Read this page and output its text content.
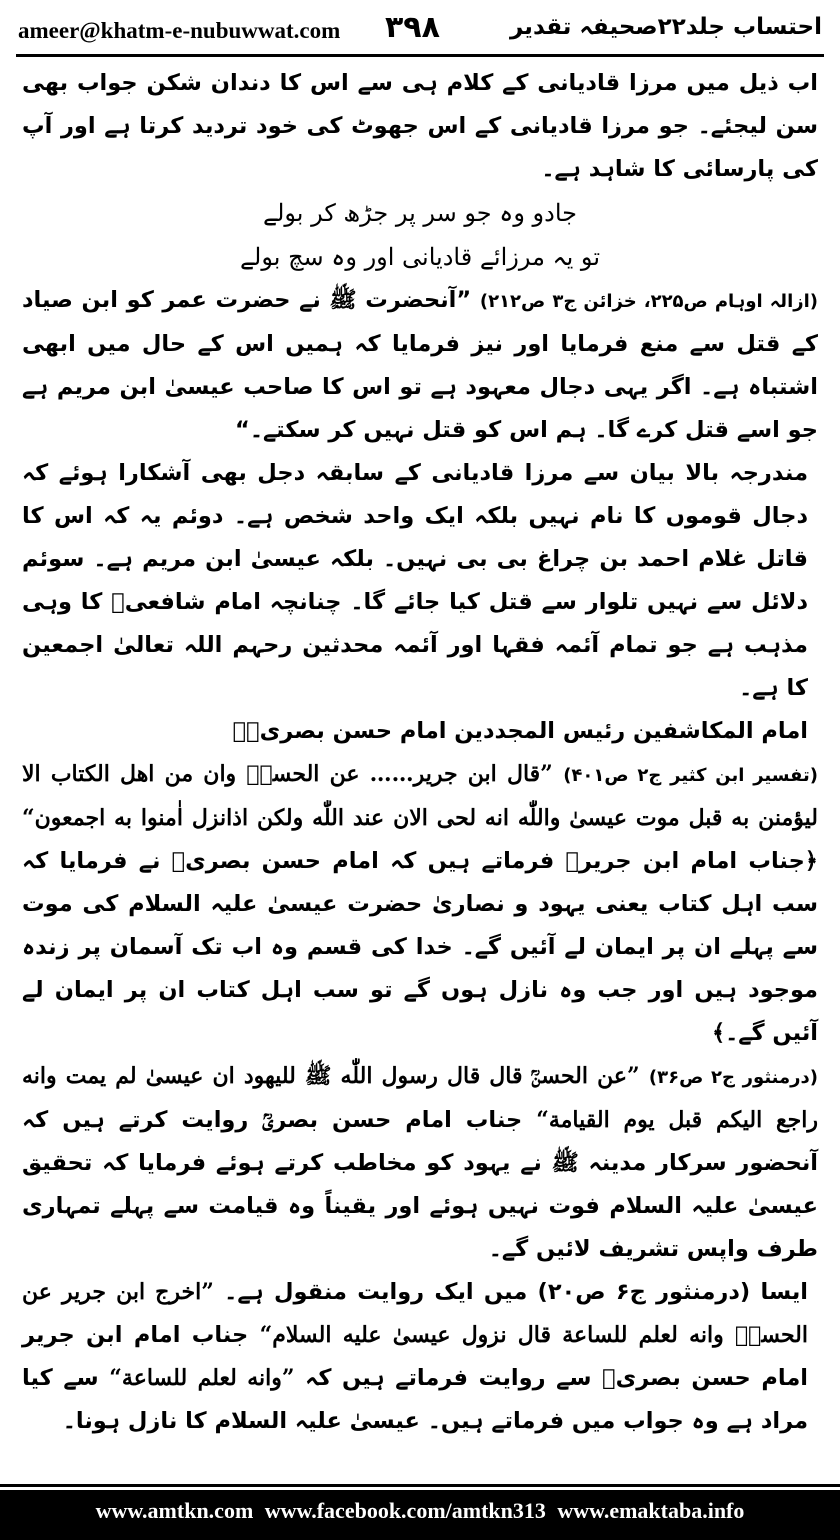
ameer@khatm-e-nubuwwat.com ۳۹۸	احتساب جلد۲۲صحیفہ تقدیر

اب ذیل میں مرزا قادیانی کے کلام ہی سے اس کا دندان شکن جواب بھی سن لیجئے۔ جو مرزا قادیانی کے اس جھوٹ کی خود تردید کرتا ہے اور آپ کی پارسائی کا شاہد ہے۔

جادو وہ جو سر پر جڑھ کر بولے

تو یہ مرزائے قادیانی اور وہ سچ بولے

(ازالہ اوہام ص۲۲۵، خزائن ج۳ ص۲۱۲) ”آنحضرت ﷺ نے حضرت عمر کو ابن صیاد کے قتل سے منع فرمایا اور نیز فرمایا کہ ہمیں اس کے حال میں ابھی اشتباہ ہے۔ اگر یہی دجال معہود ہے تو اس کا صاحب عیسیٰ ابن مریم ہے جو اسے قتل کرے گا۔ ہم اس کو قتل نہیں کر سکتے۔“

مندرجہ بالا بیان سے مرزا قادیانی کے سابقہ دجل بھی آشکارا ہوئے کہ دجال قوموں کا نام نہیں بلکہ ایک واحد شخص ہے۔ دوئم یہ کہ اس کا قاتل غلام احمد بن چراغ بی بی نہیں۔ بلکہ عیسیٰ ابن مریم ہے۔ سوئم دلائل سے نہیں تلوار سے قتل کیا جائے گا۔ چنانچہ امام شافعیؒ کا وہی مذہب ہے جو تمام آئمہ فقہا اور آئمہ محدثین رحہم اللہ تعالیٰ اجمعین کا ہے۔

امام المکاشفین رئیس المجددین امام حسن بصریؒ۔

(تفسیر ابن کثیر ج۲ ص۴۰۱) ”قال ابن جریر…… عن الحسنؒ وان من اهل الکتاب الا لیؤمنن به قبل موت عیسیٰ واللّٰه انه لحی الان عند اللّٰه ولکن اذانزل اٰمنوا به اجمعون“ ﴿جناب امام ابن جریرؒ فرماتے ہیں کہ امام حسن بصریؒ نے فرمایا کہ سب اہل کتاب یعنی یہود و نصاریٰ حضرت عیسیٰ علیہ السلام کی موت سے پہلے ان پر ایمان لے آئیں گے۔ خدا کی قسم وہ اب تک آسمان پر زندہ موجود ہیں اور جب وہ نازل ہوں گے تو سب اہل کتاب ان پر ایمان لے آئیں گے۔﴾

(درمنثور ج۲ ص۳۶) ”عن الحسنؒ قال قال رسول اللّٰه ﷺ للیهود ان عیسیٰ لم یمت وانه راجع الیکم قبل یوم القیامة“ جناب امام حسن بصریؒ روایت کرتے ہیں کہ آنحضور سرکار مدینہ ﷺ نے یہود کو مخاطب کرتے ہوئے فرمایا کہ تحقیق عیسیٰ علیہ السلام فوت نہیں ہوئے اور یقیناً وہ قیامت سے پہلے تمہاری طرف واپس تشریف لائیں گے۔

ایسا (درمنثور ج۶ ص۲۰) میں ایک روایت منقول ہے۔ ”اخرج ابن جریر عن الحسنؒ وانه لعلم للساعة قال نزول عیسیٰ علیه السلام“ جناب امام ابن جریر امام حسن بصریؒ سے روایت فرماتے ہیں کہ ”وانه لعلم للساعة“ سے کیا مراد ہے وہ جواب میں فرماتے ہیں۔ عیسیٰ علیہ السلام کا نازل ہونا۔

www.amtkn.com www.facebook.com/amtkn313 www.emaktaba.info
